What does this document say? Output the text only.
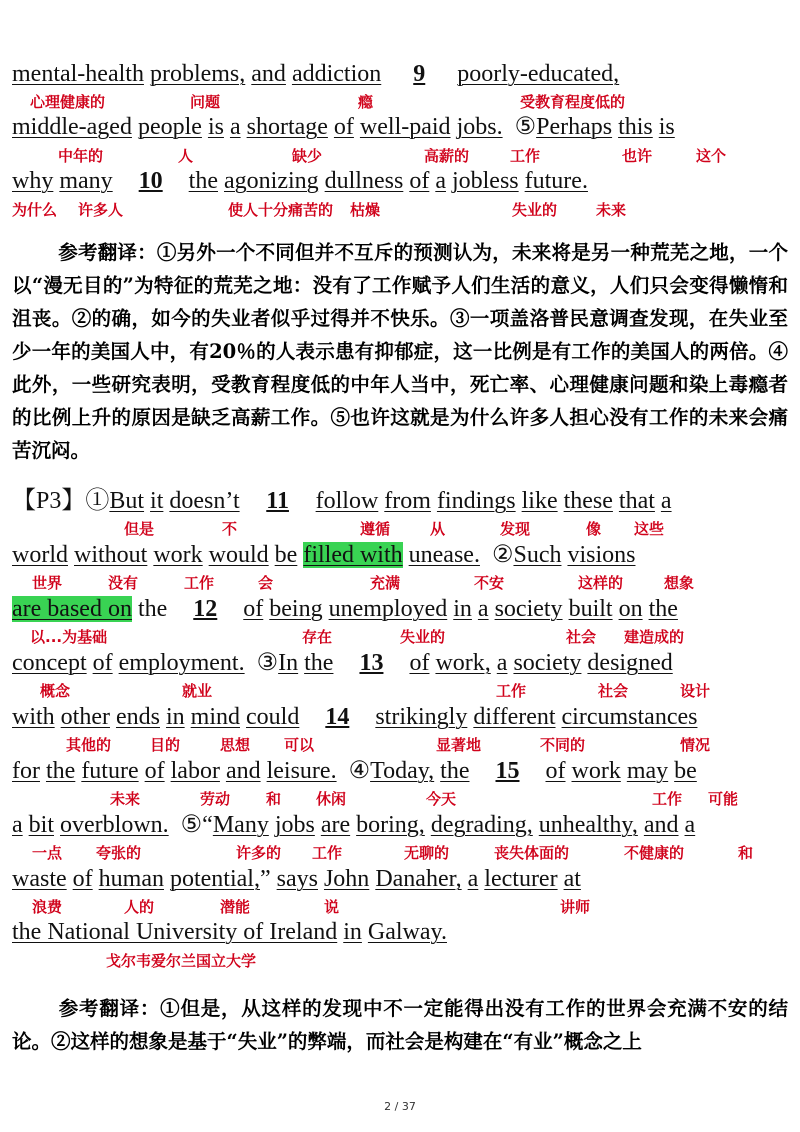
mental-health problems, and addiction 9 poorly-educated,
middle-aged people is a shortage of well-paid jobs.  ⑤Perhaps this is
why many 10 the agonizing dullness of a jobless future.
【P3】①But it doesn’t 11 follow from findings like these that a
world without work would be filled with unease.  ②Such visions
are based on the 12 of being unemployed in a society built on the
concept of employment.  ③In the 13 of work, a society designed
with other ends in mind could 14 strikingly different circumstances
for the future of labor and leisure.  ④Today, the 15 of work may be
a bit overblown.  ⑤“Many jobs are boring, degrading, unhealthy, and a
waste of human potential,” says John Danaher, a lecturer at
the National University of Ireland in Galway.
心理健康的	问题	瘾	受教育程度低的
中年的	人	缺少	高薪的	工作	也许	这个
为什么 许多人	使人十分痛苦的 枯燥	失业的	未来
但是	不	遵循	从	发现	像 这些
世界	没有	工作	会	充满	不安	这样的	想象
以...为基础	存在	失业的	社会 建造成的
概念	就业	工作	社会	设计
其他的	目的	思想 可以	显著地	不同的	情况
未来	劳动 和 休闲	今天	工作 可能
一点 夸张的	许多的 工作	无聊的	丧失体面的	不健康的	和
浪费	人的	潜能	说	讲师
戈尔韦爱尔兰国立大学
参考翻译：①另外一个不同但并不互斥的预测认为，未来将是另一种荒芜之地，一个以“漫无目的”为特征的荒芜之地：没有了工作赋予人们生活的意义，人们只会变得懒惰和沮丧。②的确，如今的失业者似乎过得并不快乐。③一项盖洛普民意调查发现，在失业至少一年的美国人中，有20％的人表示患有抑郁症，这一比例是有工作的美国人的两倍。④此外，一些研究表明，受教育程度低的中年人当中，死亡率、心理健康问题和染上毒瘾者的比例上升的原因是缺乏高薪工作。⑤也许这就是为什么许多人担心没有工作的未来会痛苦沉闷。
参考翻译：①但是，从这样的发现中不一定能得出没有工作的世界会充满不安的结论。②这样的想象是基于“失业”的弊端，而社会是构建在“有业”概念之上
2 / 37
